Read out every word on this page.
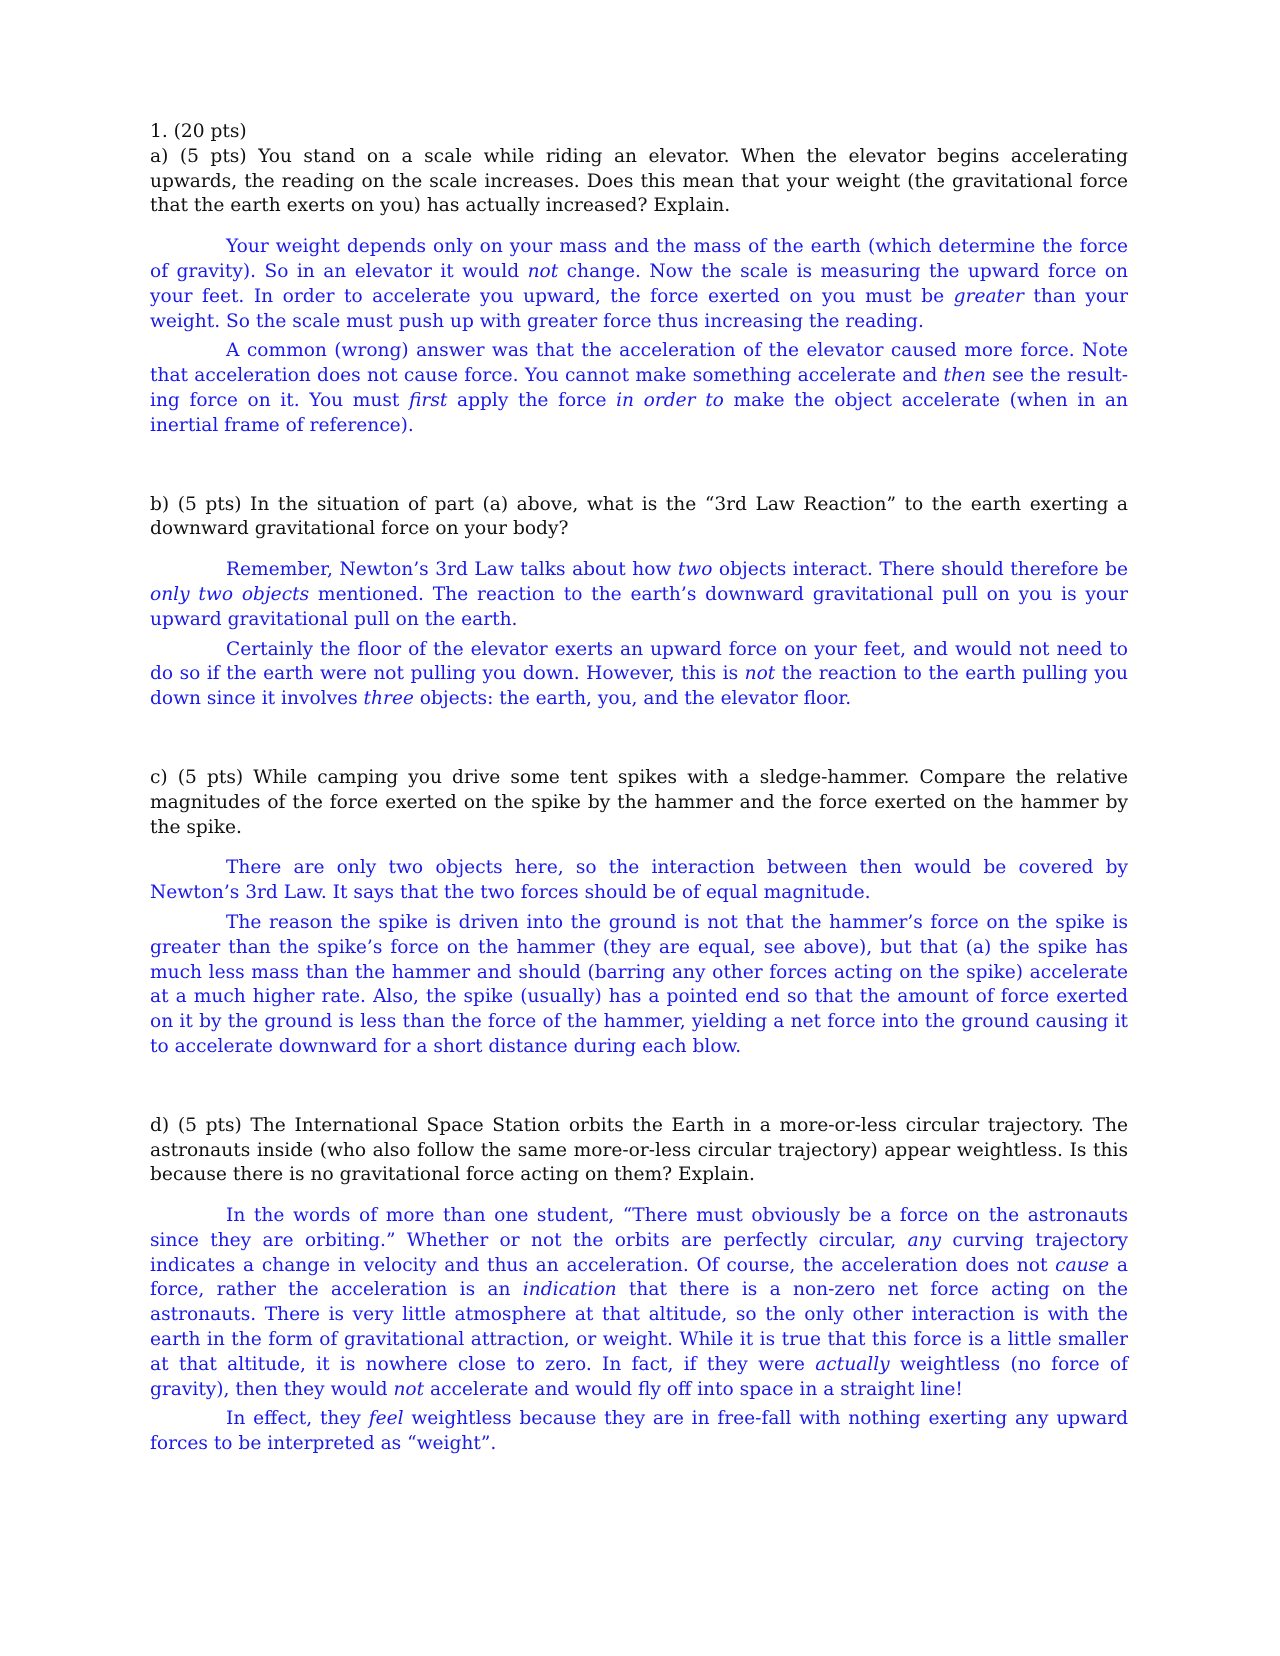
1. (20 pts)

a) (5 pts) You stand on a scale while riding an elevator. When the elevator begins accelerating upwards, the reading on the scale increases. Does this mean that your weight (the gravitational force that the earth exerts on you) has actually increased? Explain.

Your weight depends only on your mass and the mass of the earth (which determine the force of gravity). So in an elevator it would not change. Now the scale is measuring the upward force on your feet. In order to accelerate you upward, the force exerted on you must be greater than your weight. So the scale must push up with greater force thus increasing the reading.

A common (wrong) answer was that the acceleration of the elevator caused more force. Note that acceleration does not cause force. You cannot make something accelerate and then see the resulting force on it. You must first apply the force in order to make the object accelerate (when in an inertial frame of reference).

b) (5 pts) In the situation of part (a) above, what is the “3rd Law Reaction” to the earth exerting a downward gravitational force on your body?

Remember, Newton’s 3rd Law talks about how two objects interact. There should therefore be only two objects mentioned. The reaction to the earth’s downward gravitational pull on you is your upward gravitational pull on the earth.

Certainly the floor of the elevator exerts an upward force on your feet, and would not need to do so if the earth were not pulling you down. However, this is not the reaction to the earth pulling you down since it involves three objects: the earth, you, and the elevator floor.

c) (5 pts) While camping you drive some tent spikes with a sledge-hammer. Compare the relative magnitudes of the force exerted on the spike by the hammer and the force exerted on the hammer by the spike.

There are only two objects here, so the interaction between then would be covered by Newton’s 3rd Law. It says that the two forces should be of equal magnitude.

The reason the spike is driven into the ground is not that the hammer’s force on the spike is greater than the spike’s force on the hammer (they are equal, see above), but that (a) the spike has much less mass than the hammer and should (barring any other forces acting on the spike) accelerate at a much higher rate. Also, the spike (usually) has a pointed end so that the amount of force exerted on it by the ground is less than the force of the hammer, yielding a net force into the ground causing it to accelerate downward for a short distance during each blow.

d) (5 pts) The International Space Station orbits the Earth in a more-or-less circular trajectory. The astronauts inside (who also follow the same more-or-less circular trajectory) appear weightless. Is this because there is no gravitational force acting on them? Explain.

In the words of more than one student, “There must obviously be a force on the astronauts since they are orbiting.” Whether or not the orbits are perfectly circular, any curving trajectory indicates a change in velocity and thus an acceleration. Of course, the acceleration does not cause a force, rather the acceleration is an indication that there is a non-zero net force acting on the astronauts. There is very little atmosphere at that altitude, so the only other interaction is with the earth in the form of gravitational attraction, or weight. While it is true that this force is a little smaller at that altitude, it is nowhere close to zero. In fact, if they were actually weightless (no force of gravity), then they would not accelerate and would fly off into space in a straight line!

In effect, they feel weightless because they are in free-fall with nothing exerting any upward forces to be interpreted as “weight”.
